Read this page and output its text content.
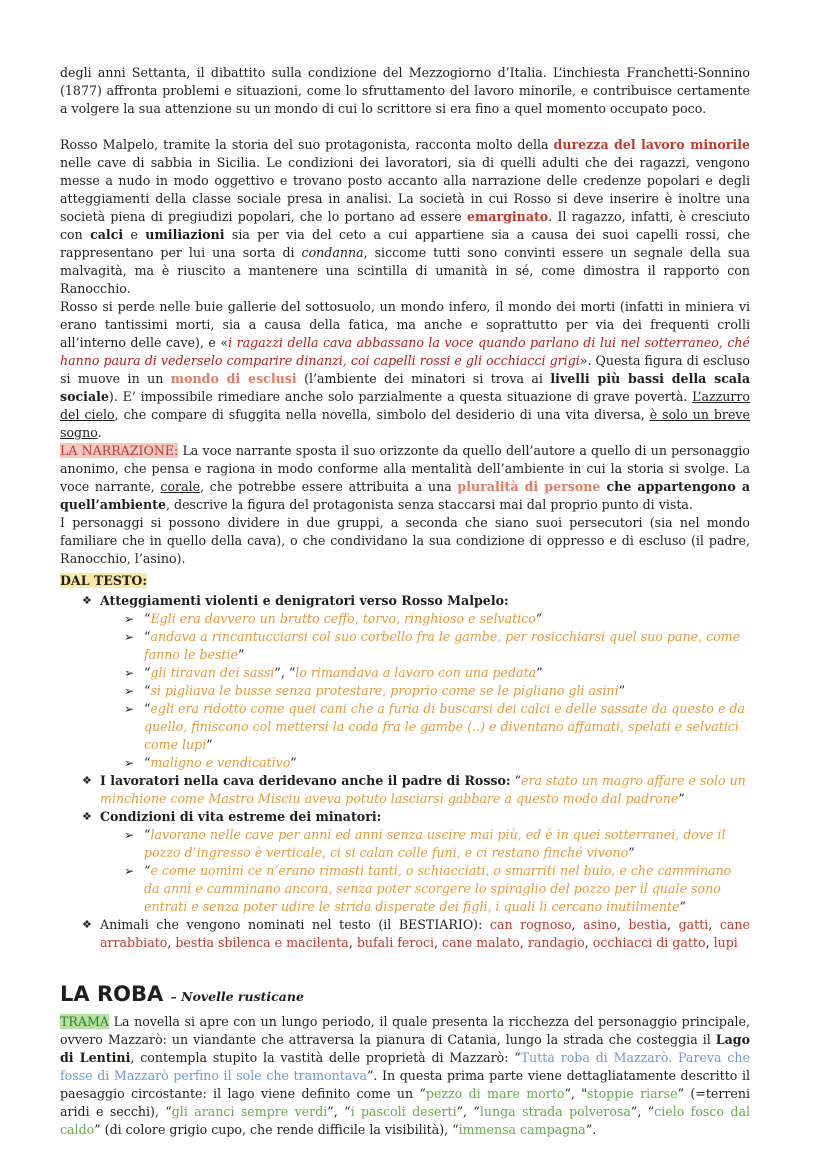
degli anni Settanta, il dibattito sulla condizione del Mezzogiorno d’Italia. L’inchiesta Franchetti-Sonnino (1877) affronta problemi e situazioni, come lo sfruttamento del lavoro minorile, e contribuisce certamente a volgere la sua attenzione su un mondo di cui lo scrittore si era fino a quel momento occupato poco.

Rosso Malpelo, tramite la storia del suo protagonista, racconta molto della durezza del lavoro minorile nelle cave di sabbia in Sicilia. Le condizioni dei lavoratori, sia di quelli adulti che dei ragazzi, vengono messe a nudo in modo oggettivo e trovano posto accanto alla narrazione delle credenze popolari e degli atteggiamenti della classe sociale presa in analisi. La società in cui Rosso si deve inserire è inoltre una società piena di pregiudizi popolari, che lo portano ad essere emarginato. Il ragazzo, infatti, è cresciuto con calci e umiliazioni sia per via del ceto a cui appartiene sia a causa dei suoi capelli rossi, che rappresentano per lui una sorta di condanna, siccome tutti sono convinti essere un segnale della sua malvagità, ma è riuscito a mantenere una scintilla di umanità in sé, come dimostra il rapporto con Ranocchio.

Rosso si perde nelle buie gallerie del sottosuolo, un mondo infero, il mondo dei morti (infatti in miniera vi erano tantissimi morti, sia a causa della fatica, ma anche e soprattutto per via dei frequenti crolli all’interno delle cave), e «i ragazzi della cava abbassano la voce quando parlano di lui nel sotterraneo, ché hanno paura di vederselo comparire dinanzi, coi capelli rossi e gli occhiacci grigi». Questa figura di escluso si muove in un mondo di esclusi (l’ambiente dei minatori si trova ai livelli più bassi della scala sociale). E’ impossibile rimediare anche solo parzialmente a questa situazione di grave povertà. L’azzurro del cielo, che compare di sfuggita nella novella, simbolo del desiderio di una vita diversa, è solo un breve sogno.

LA NARRAZIONE: La voce narrante sposta il suo orizzonte da quello dell’autore a quello di un personaggio anonimo, che pensa e ragiona in modo conforme alla mentalità dell’ambiente in cui la storia si svolge. La voce narrante, corale, che potrebbe essere attribuita a una pluralità di persone che appartengono a quell’ambiente, descrive la figura del protagonista senza staccarsi mai dal proprio punto di vista.

I personaggi si possono dividere in due gruppi, a seconda che siano suoi persecutori (sia nel mondo familiare che in quello della cava), o che condividano la sua condizione di oppresso e di escluso (il padre, Ranocchio, l’asino).

DAL TESTO:
❖ Atteggiamenti violenti e denigratori verso Rosso Malpelo:
➢ “Egli era davvero un brutto ceffo, torvo, ringhioso e selvatico”
➢ “andava a rincantucciarsi col suo corbello fra le gambe, per rosicchiarsi quel suo pane, come fanno le bestie”
➢ “gli tiravan dei sassi”, “lo rimandava a lavoro con una pedata”
➢ “si pigliava le busse senza protestare, proprio come se le pigliano gli asini”
➢ “egli era ridotto come quei cani che a furia di buscarsi dei calci e delle sassate da questo e da quello, finiscono col mettersi la coda fra le gambe (..) e diventano affamati, spelati e selvatici come lupi”
➢ “maligno e vendicativo”
❖ I lavoratori nella cava deridevano anche il padre di Rosso: “era stato un magro affare e solo un minchione come Mastro Misciu aveva potuto lasciarsi gabbare a questo modo dal padrone”
❖ Condizioni di vita estreme dei minatori:
➢ “lavorano nelle cave per anni ed anni senza uscire mai più, ed è in quei sotterranei, dove il pozzo d’ingresso è verticale, ci si calan colle funi, e ci restano finché vivono”
➢ “e come uomini ce n’erano rimasti tanti, o schiacciati, o smarriti nel buio, e che camminano da anni e camminano ancora, senza poter scorgere lo spiraglio del pozzo per il quale sono entrati e senza poter udire le strida disperate dei figli, i quali li cercano inutilmente”
❖ Animali che vengono nominati nel testo (il BESTIARIO): can rognoso, asino, bestia, gatti, cane arrabbiato, bestia sbilenca e macilenta, bufali feroci, cane malato, randagio, occhiacci di gatto, lupi
LA ROBA – Novelle rusticane

TRAMA La novella si apre con un lungo periodo, il quale presenta la ricchezza del personaggio principale, ovvero Mazzarò: un viandante che attraversa la pianura di Catania, lungo la strada che costeggia il Lago di Lentini, contempla stupito la vastità delle proprietà di Mazzarò: “Tutta roba di Mazzarò. Pareva che fosse di Mazzarò perfino il sole che tramontava”. In questa prima parte viene dettagliatamente descritto il paesaggio circostante: il lago viene definito come un “pezzo di mare morto”, "stoppie riarse” (=terreni aridi e secchi), “gli aranci sempre verdi”, “i pascoli deserti”, “lunga strada polverosa”, “cielo fosco dal caldo” (di colore grigio cupo, che rende difficile la visibilità), “immensa campagna”.
